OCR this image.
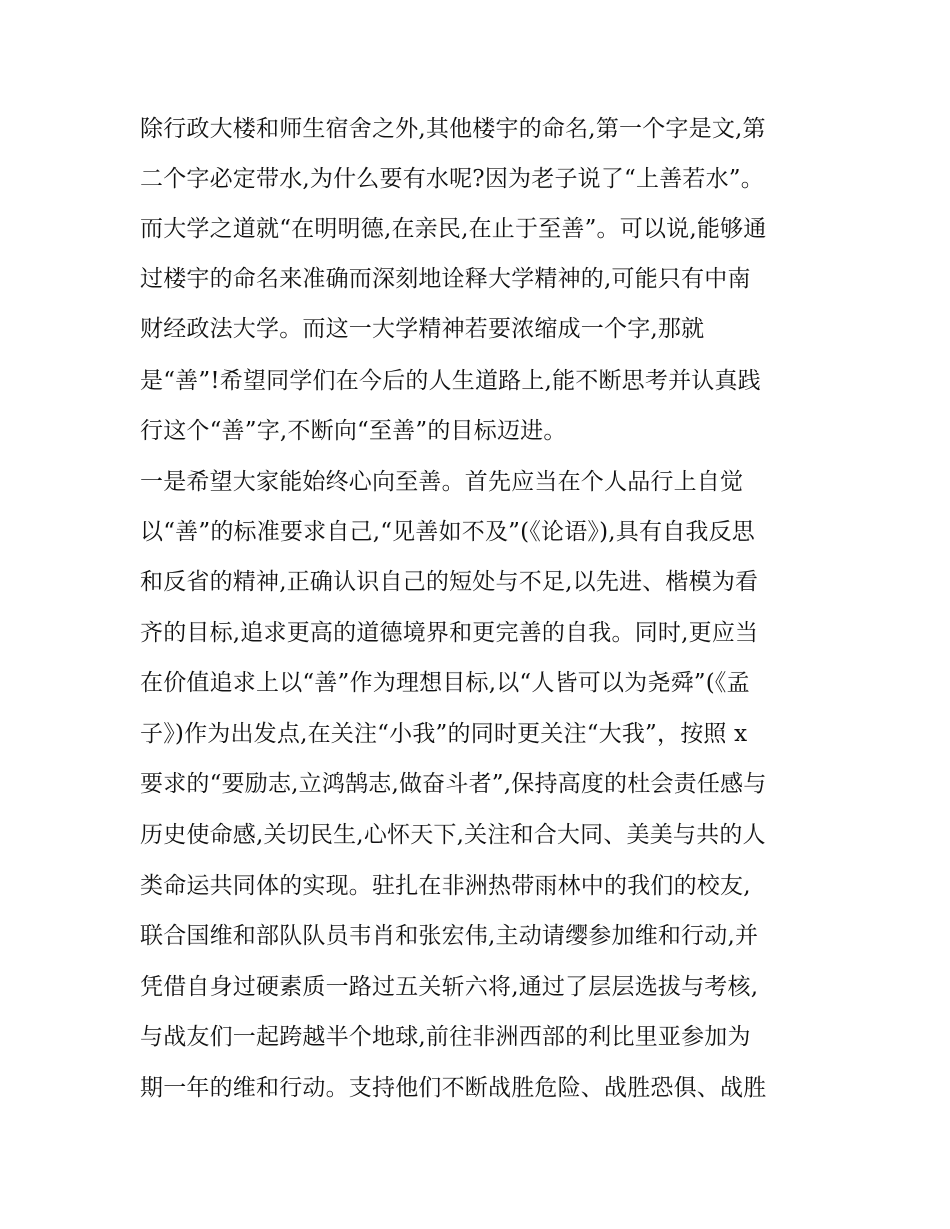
除行政大楼和师生宿舍之外,其他楼宇的命名,第一个字是文,第
二个字必定带水,为什么要有水呢?因为老子说了“上善若水”。
而大学之道就“在明明德,在亲民,在止于至善”。可以说,能够通
过楼宇的命名来准确而深刻地诠释大学精神的,可能只有中南
财经政法大学。而这一大学精神若要浓缩成一个字,那就
是“善”!希望同学们在今后的人生道路上,能不断思考并认真践
行这个“善”字,不断向“至善”的目标迈进。
一是希望大家能始终心向至善。首先应当在个人品行上自觉
以“善”的标准要求自己,“见善如不及”(《论语》),具有自我反思
和反省的精神,正确认识自己的短处与不足,以先进、楷模为看
齐的目标,追求更高的道德境界和更完善的自我。同时,更应当
在价值追求上以“善”作为理想目标,以“人皆可以为尧舜”(《孟
子》)作为出发点,在关注“小我”的同时更关注“大我”，按照 x
要求的“要励志,立鸿鹄志,做奋斗者”,保持高度的杜会责任感与
历史使命感,关切民生,心怀天下,关注和合大同、美美与共的人
类命运共同体的实现。驻扎在非洲热带雨林中的我们的校友,
联合国维和部队队员韦肖和张宏伟,主动请缨参加维和行动,并
凭借自身过硬素质一路过五关斩六将,通过了层层选拔与考核,
与战友们一起跨越半个地球,前往非洲西部的利比里亚参加为
期一年的维和行动。支持他们不断战胜危险、战胜恐俱、战胜
